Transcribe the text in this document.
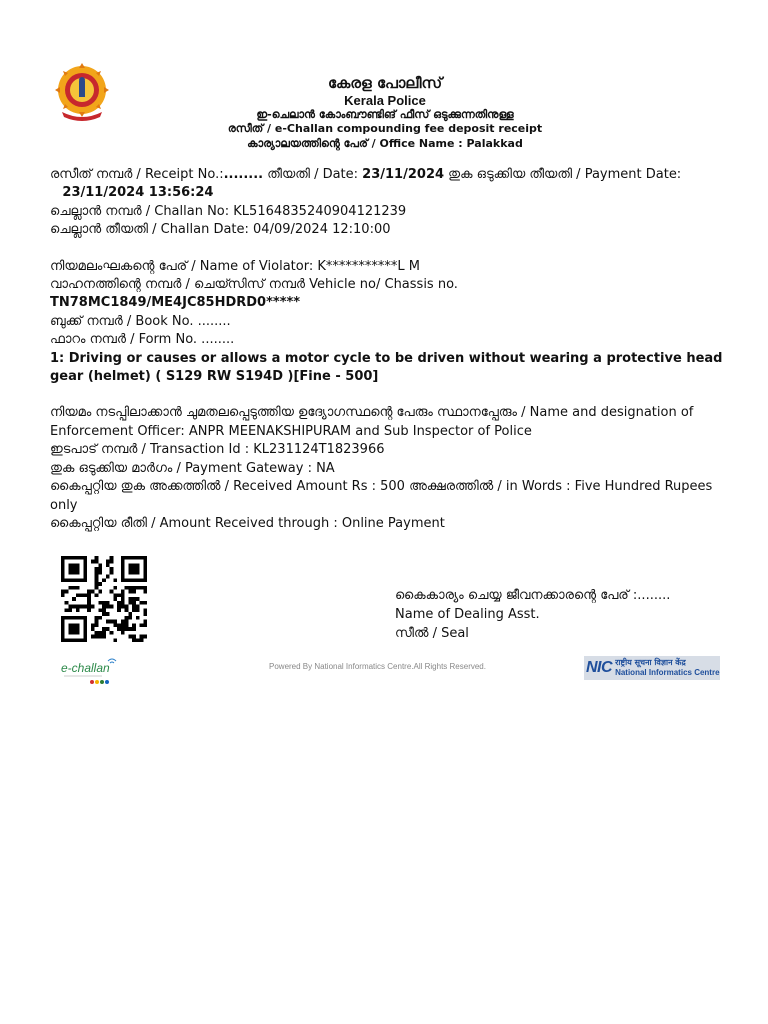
കേരള പോലീസ്
Kerala Police
ഇ-ചെലാൻ കോംബൗണ്ടിങ് ഫീസ് ഒടുക്കുന്നതിനുള്ള
രസീത് / e-Challan compounding fee deposit receipt
കാര്യാലയത്തിന്റെ പേര് / Office Name : Palakkad
രസീത് നമ്പർ / Receipt No.:........ തീയതി / Date: 23/11/2024 തുക ഒടുക്കിയ തീയതി / Payment Date:    23/11/2024 13:56:24
ചെല്ലാൻ നമ്പർ / Challan No: KL5164835240904121239
ചെല്ലാൻ തീയതി / Challan Date: 04/09/2024 12:10:00
നിയമലംഘകന്റെ പേര് / Name of Violator: K***********L M
വാഹനത്തിന്റെ നമ്പർ / ചെയ്സിസ് നമ്പർ Vehicle no/ Chassis no.
TN78MC1849/ME4JC85HDRD0*****
ബുക്ക് നമ്പർ / Book No. ........
ഫാറം നമ്പർ / Form No. ........
1: Driving or causes or allows a motor cycle to be driven without wearing a protective head gear (helmet) ( S129 RW S194D )[Fine - 500]
നിയമം നടപ്പിലാക്കാൻ ചുമതലപ്പെടുത്തിയ ഉദ്യോഗസ്ഥന്റെ പേരും സ്ഥാനപ്പേരും / Name and designation of Enforcement Officer: ANPR MEENAKSHIPURAM and Sub Inspector of Police
ഇടപാട് നമ്പർ / Transaction Id : KL231124T1823966
തുക ഒടുക്കിയ മാർഗം / Payment Gateway : NA
കൈപ്പറ്റിയ തുക അക്കത്തിൽ / Received Amount Rs : 500 അക്ഷരത്തിൽ / in Words : Five Hundred Rupees only
കൈപ്പറ്റിയ രീതി / Amount Received through : Online Payment
കൈകാര്യം ചെയ്യ ജീവനക്കാരന്റെ പേര് :........
Name of Dealing Asst.
സീൽ / Seal
e-challan	Powered By National Informatics Centre.All Rights Reserved.	NIC राष्ट्रीय सूचना विज्ञान केंद्र
National Informatics Centre
